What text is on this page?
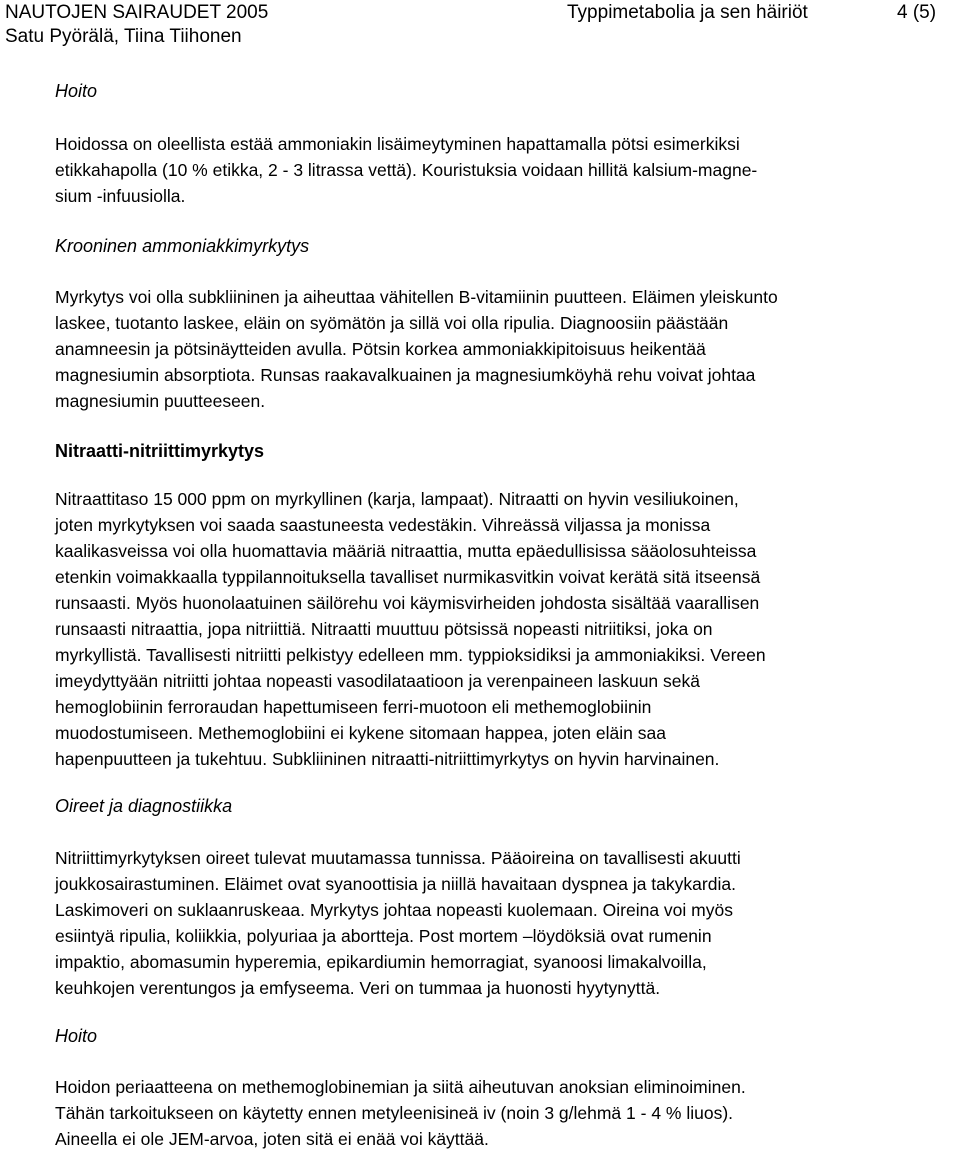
NAUTOJEN SAIRAUDET 2005
Satu Pyörälä, Tiina Tiihonen
Typpimetabolia ja sen häiriöt	4 (5)
Hoito

Hoidossa on oleellista estää ammoniakin lisäimeytyminen hapattamalla pötsi esimerkiksi

etikkahapolla (10 % etikka, 2 - 3 litrassa vettä). Kouristuksia voidaan hillitä kalsium-magne-

sium -infuusiolla.

Krooninen ammoniakkimyrkytys

Myrkytys voi olla subkliininen ja aiheuttaa vähitellen B-vitamiinin puutteen. Eläimen yleiskunto

laskee, tuotanto laskee, eläin on syömätön ja sillä voi olla ripulia. Diagnoosiin päästään

anamneesin ja pötsinäytteiden avulla. Pötsin korkea ammoniakkipitoisuus heikentää

magnesiumin absorptiota. Runsas raakavalkuainen ja magnesiumköyhä rehu voivat johtaa

magnesiumin puutteeseen.

Nitraatti-nitriittimyrkytys

Nitraattitaso 15 000 ppm on myrkyllinen (karja, lampaat). Nitraatti on hyvin vesiliukoinen,

joten myrkytyksen voi saada saastuneesta vedestäkin. Vihreässä viljassa ja monissa

kaalikasveissa voi olla huomattavia määriä nitraattia, mutta epäedullisissa sääolosuhteissa

etenkin voimakkaalla typpilannoituksella tavalliset nurmikasvitkin voivat kerätä sitä itseensä

runsaasti. Myös huonolaatuinen säilörehu voi käymisvirheiden johdosta sisältää vaarallisen

runsaasti nitraattia, jopa nitriittiä. Nitraatti muuttuu pötsissä nopeasti nitriitiksi, joka on

myrkyllistä. Tavallisesti nitriitti pelkistyy edelleen mm. typpioksidiksi ja ammoniakiksi. Vereen

imeydyttyään nitriitti johtaa nopeasti vasodilataatioon ja verenpaineen laskuun sekä

hemoglobiinin ferroraudan hapettumiseen ferri-muotoon eli methemoglobiinin

muodostumiseen. Methemoglobiini ei kykene sitomaan happea, joten eläin saa

hapenpuutteen ja tukehtuu. Subkliininen nitraatti-nitriittimyrkytys on hyvin harvinainen.

Oireet ja diagnostiikka

Nitriittimyrkytyksen oireet tulevat muutamassa tunnissa. Pääoireina on tavallisesti akuutti

joukkosairastuminen. Eläimet ovat syanoottisia ja niillä havaitaan dyspnea ja takykardia.

Laskimoveri on suklaanruskeaa. Myrkytys johtaa nopeasti kuolemaan. Oireina voi myös

esiintyä ripulia, koliikkia, polyuriaa ja abortteja. Post mortem –löydöksiä ovat rumenin

impaktio, abomasumin hyperemia, epikardiumin hemorragiat, syanoosi limakalvoilla,

keuhkojen verentungos ja emfyseema. Veri on tummaa ja huonosti hyytynyttä.

Hoito

Hoidon periaatteena on methemoglobinemian ja siitä aiheutuvan anoksian eliminoiminen.

Tähän tarkoitukseen on käytetty ennen metyleenisineä iv (noin 3 g/lehmä 1 - 4 % liuos).

Aineella ei ole JEM-arvoa, joten sitä ei enää voi käyttää.
